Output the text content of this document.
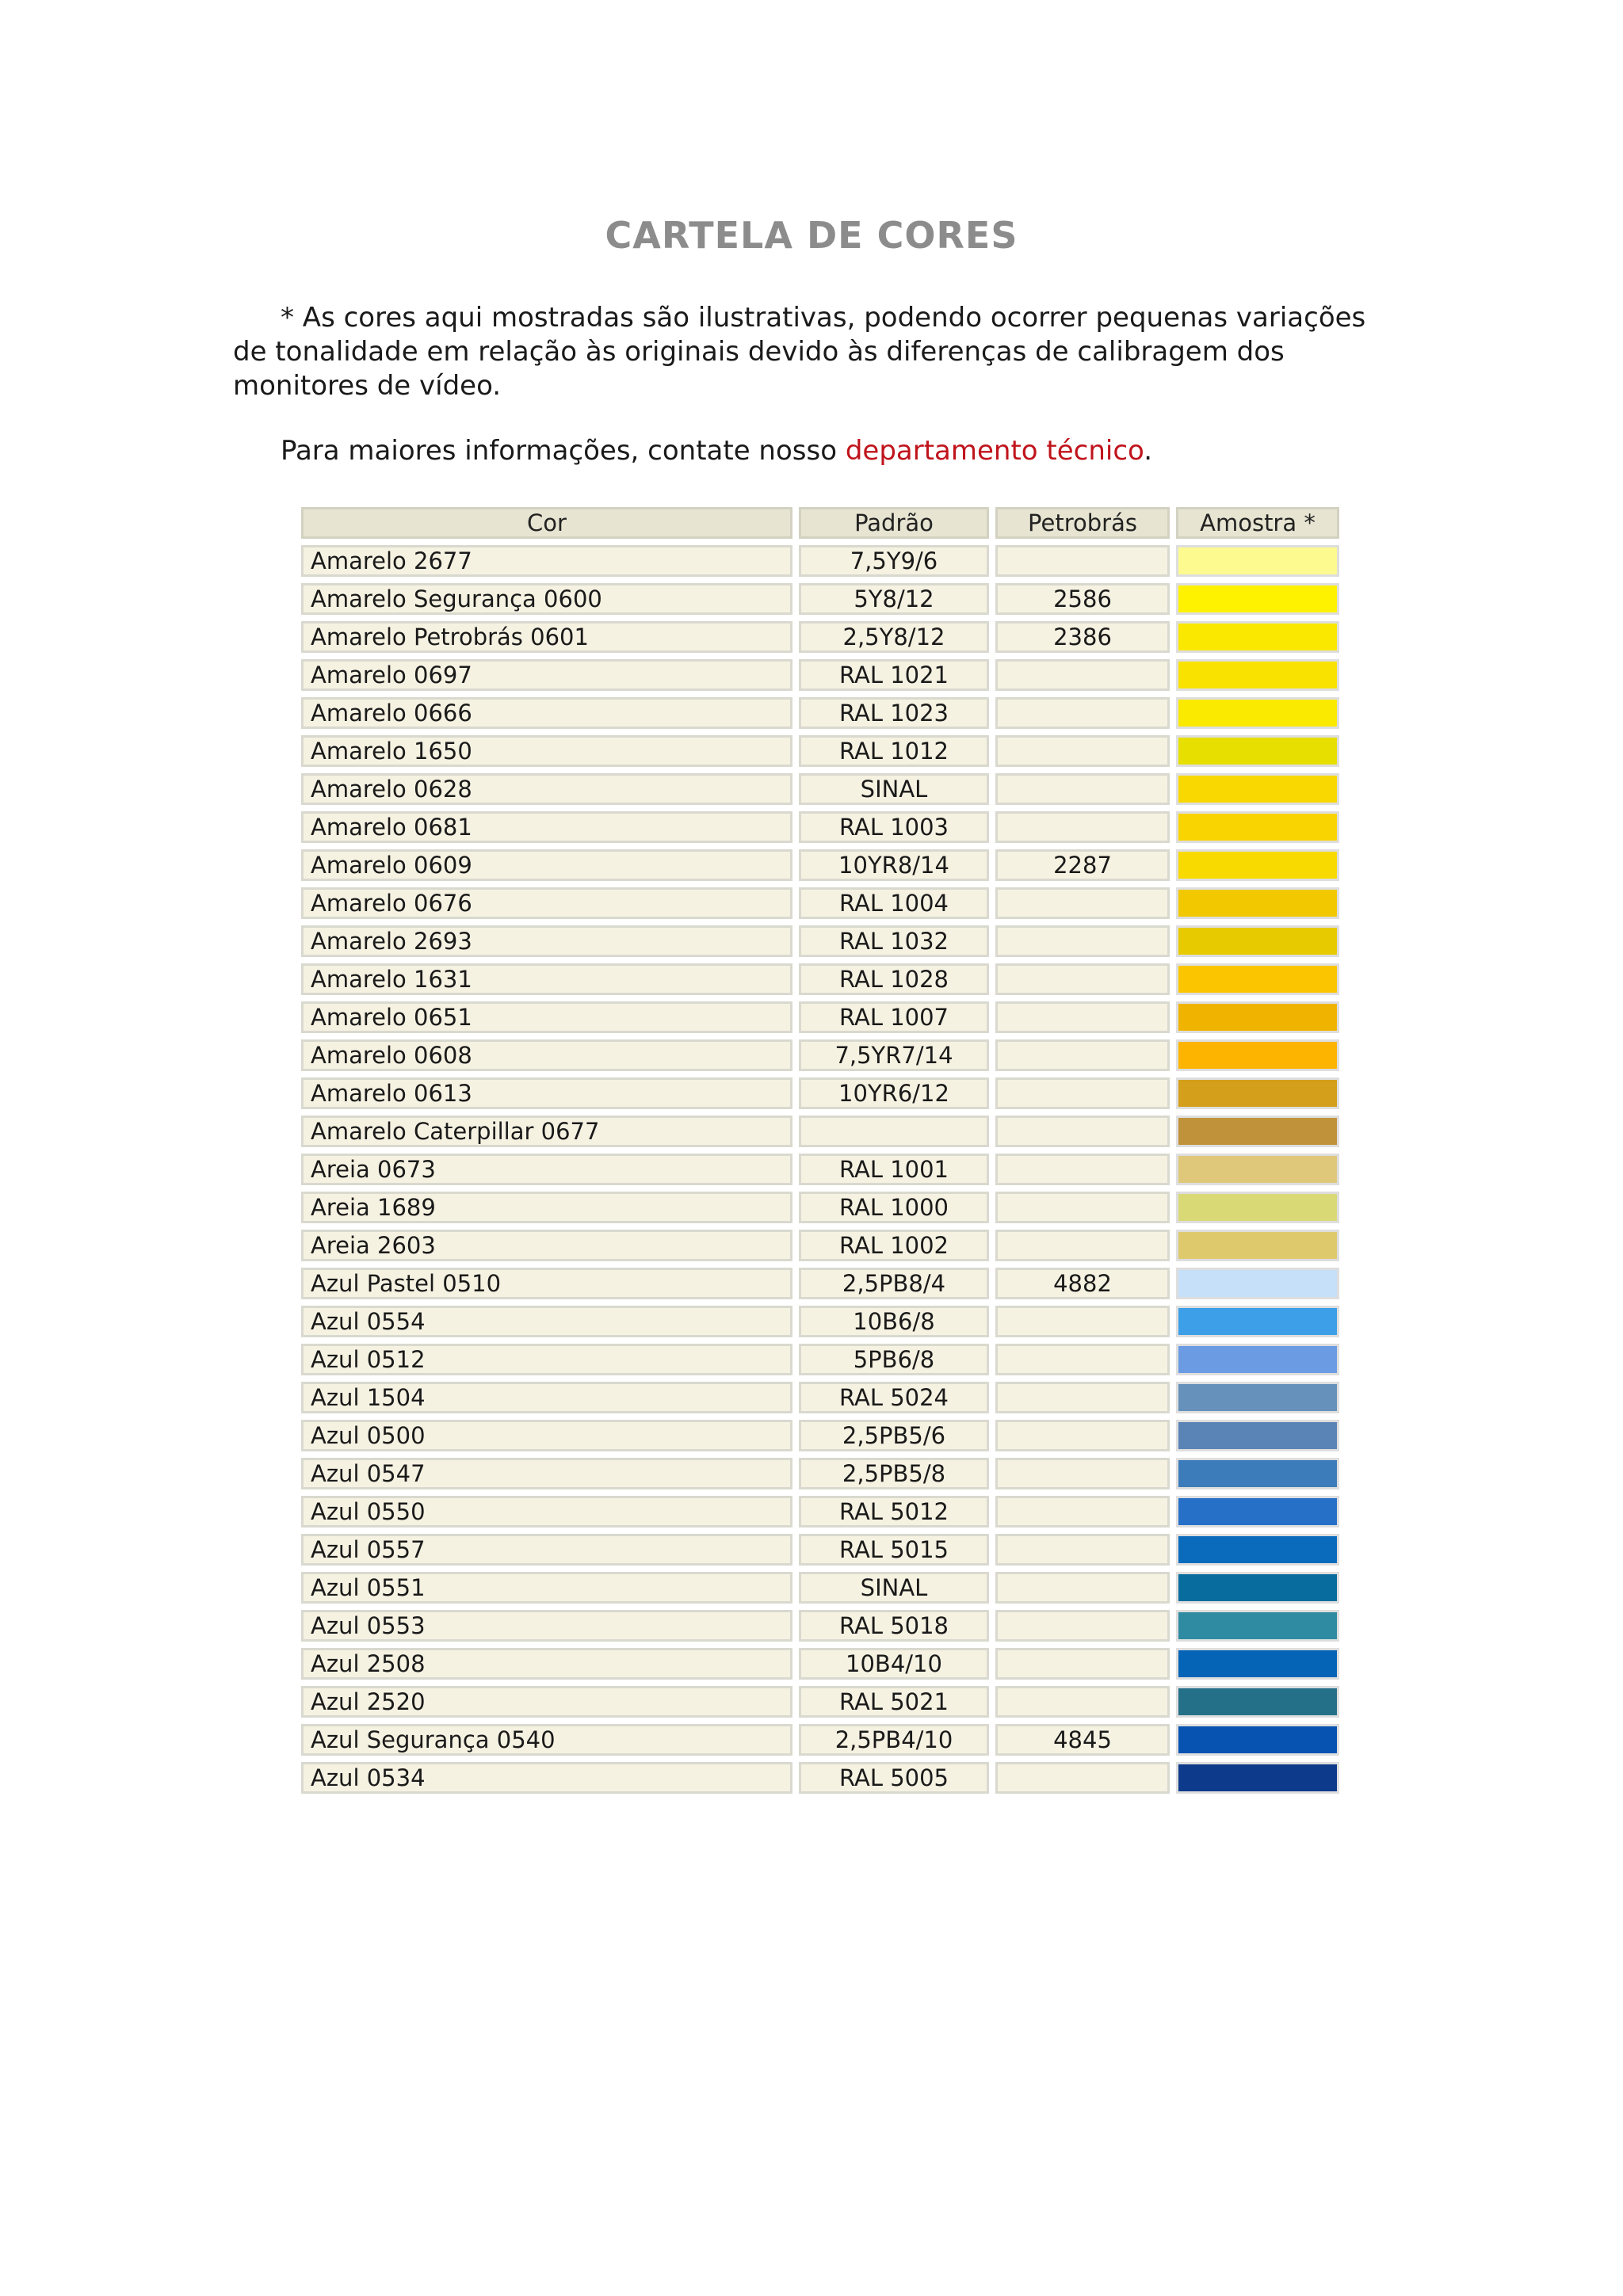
CARTELA DE CORES

* As cores aqui mostradas são ilustrativas, podendo ocorrer pequenas variações de tonalidade em relação às originais devido às diferenças de calibragem dos monitores de vídeo.

Para maiores informações, contate nosso departamento técnico.

Cor	Padrão	Petrobrás	Amostra *
Amarelo 2677	7,5Y9/6		
Amarelo Segurança 0600	5Y8/12	2586	
Amarelo Petrobrás 0601	2,5Y8/12	2386	
Amarelo 0697	RAL 1021		
Amarelo 0666	RAL 1023		
Amarelo 1650	RAL 1012		
Amarelo 0628	SINAL		
Amarelo 0681	RAL 1003		
Amarelo 0609	10YR8/14	2287	
Amarelo 0676	RAL 1004		
Amarelo 2693	RAL 1032		
Amarelo 1631	RAL 1028		
Amarelo 0651	RAL 1007		
Amarelo 0608	7,5YR7/14		
Amarelo 0613	10YR6/12		
Amarelo Caterpillar 0677			
Areia 0673	RAL 1001		
Areia 1689	RAL 1000		
Areia 2603	RAL 1002		
Azul Pastel 0510	2,5PB8/4	4882	
Azul 0554	10B6/8		
Azul 0512	5PB6/8		
Azul 1504	RAL 5024		
Azul 0500	2,5PB5/6		
Azul 0547	2,5PB5/8		
Azul 0550	RAL 5012		
Azul 0557	RAL 5015		
Azul 0551	SINAL		
Azul 0553	RAL 5018		
Azul 2508	10B4/10		
Azul 2520	RAL 5021		
Azul Segurança 0540	2,5PB4/10	4845	
Azul 0534	RAL 5005		
